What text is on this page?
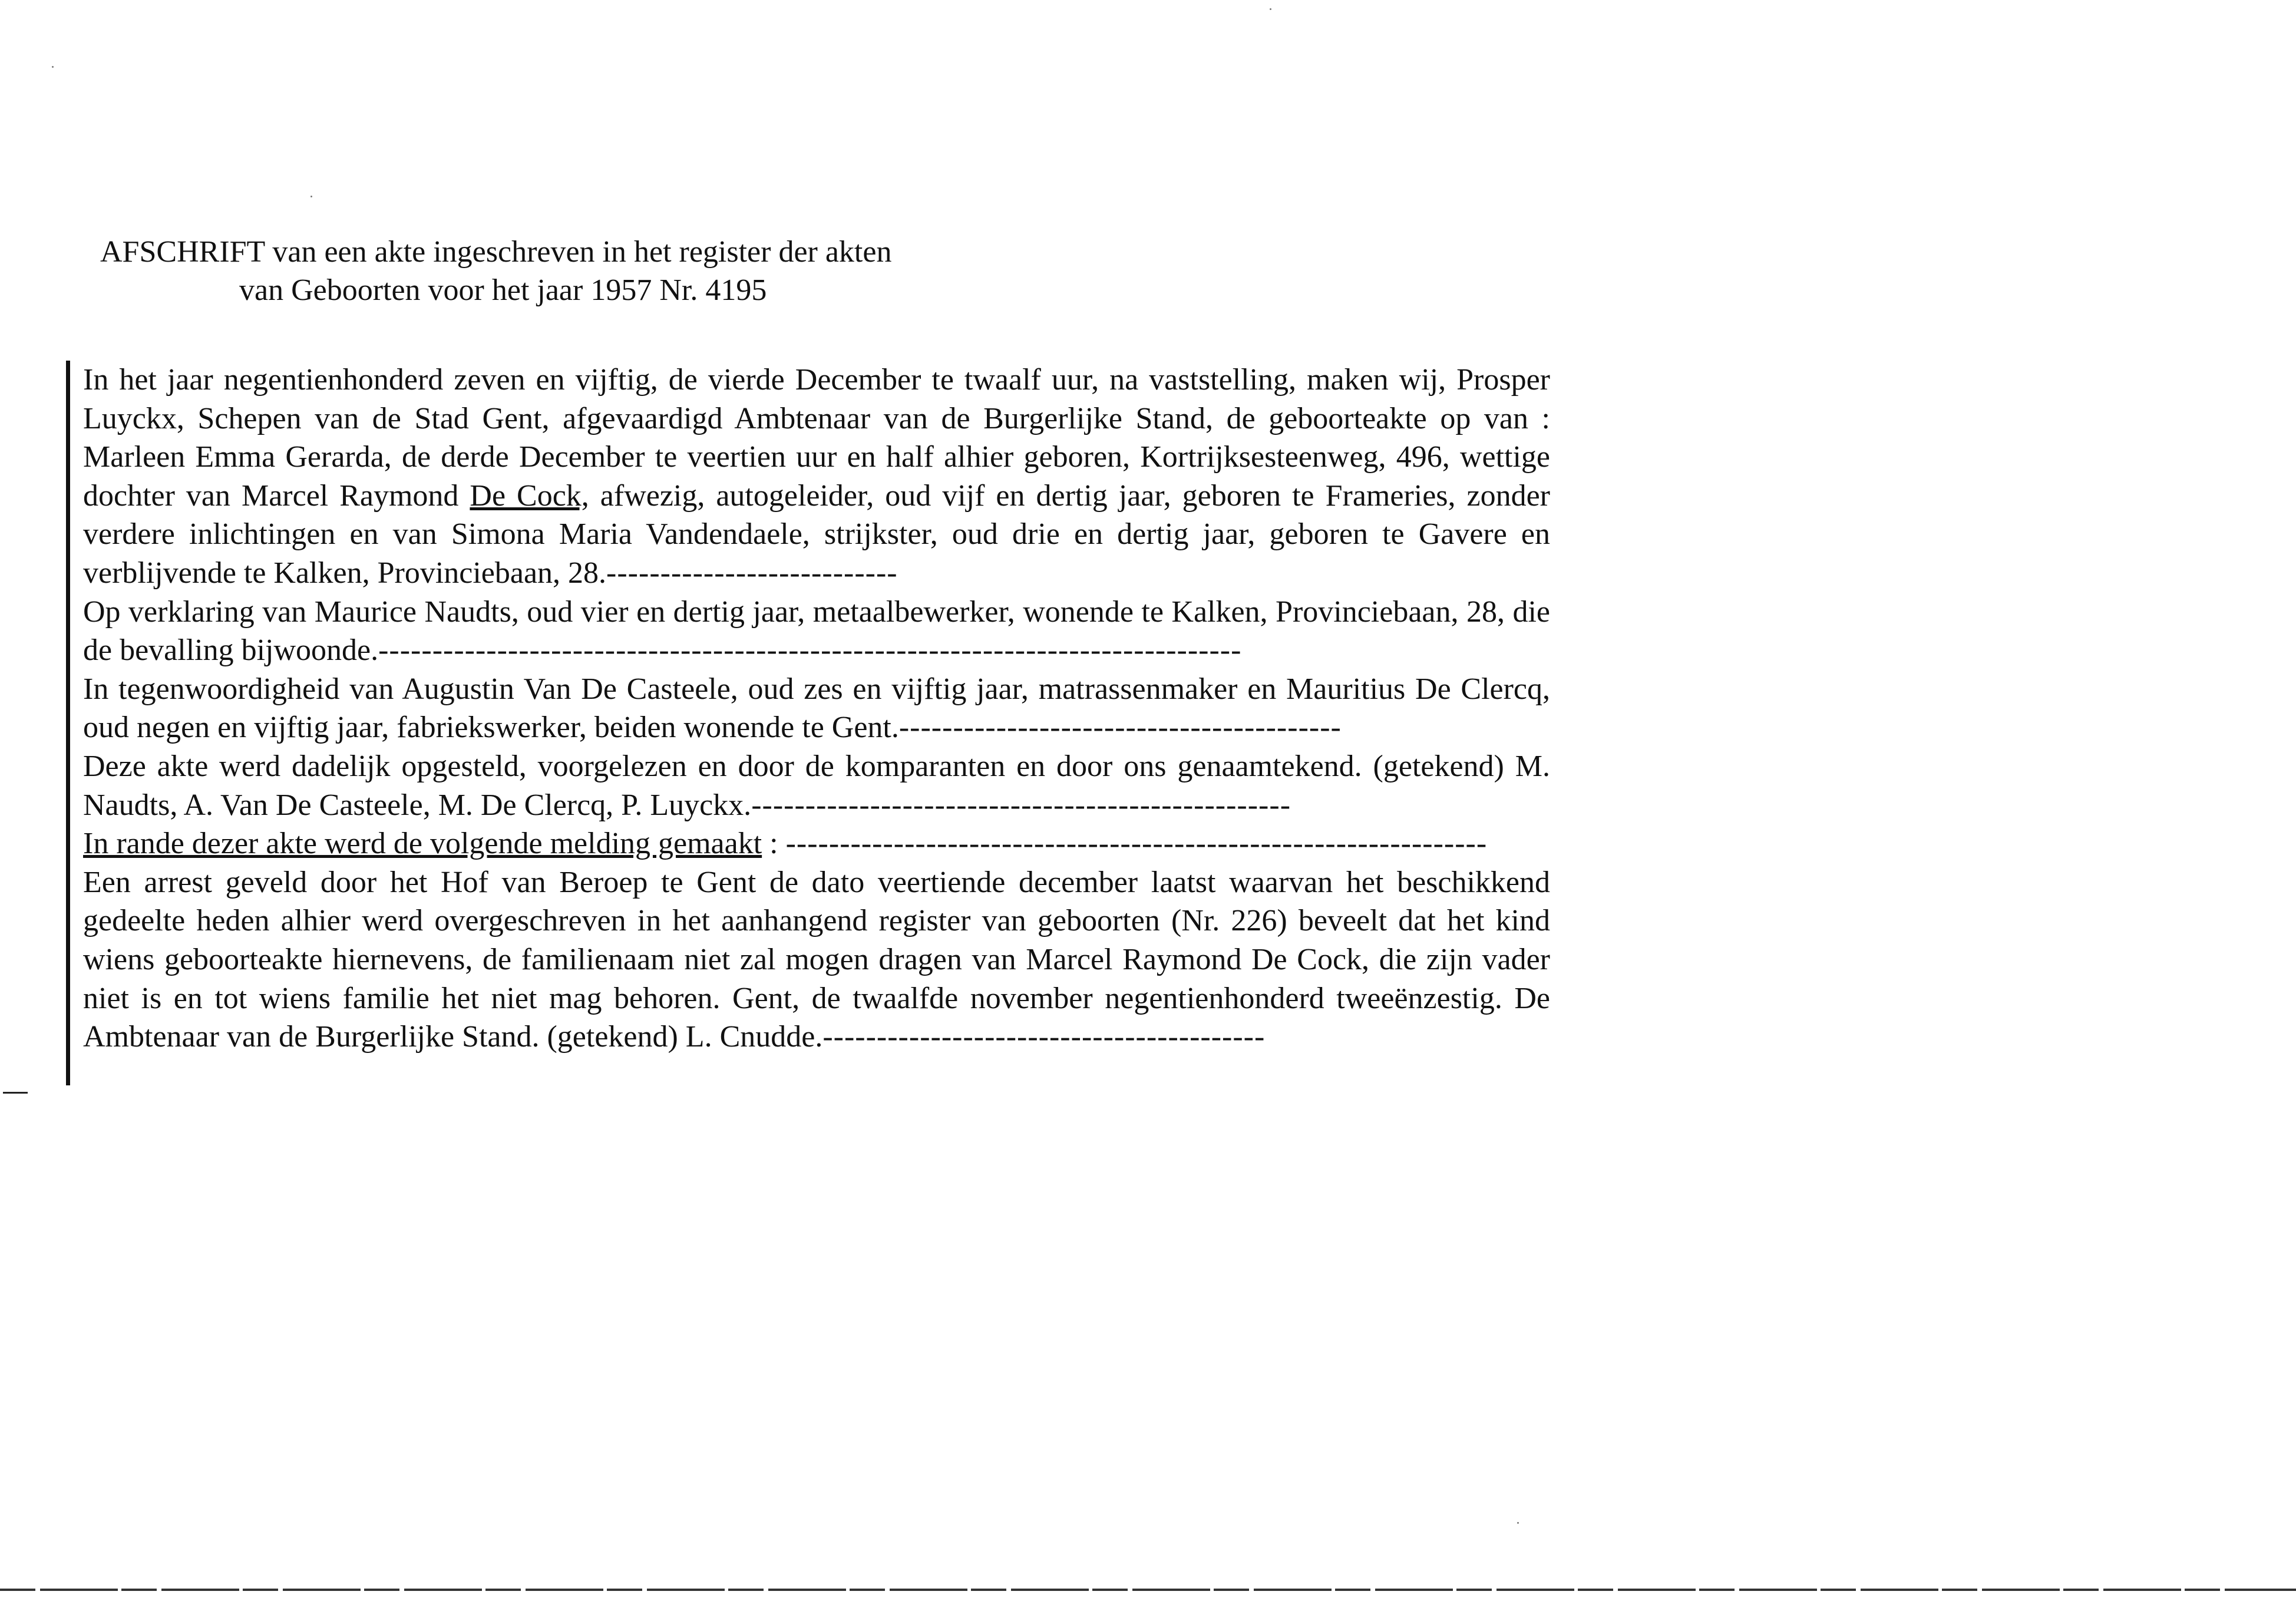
AFSCHRIFT van een akte ingeschreven in het register der akten
van Geboorten voor het jaar 1957 Nr. 4195

In het jaar negentienhonderd zeven en vijftig, de vierde December te twaalf uur, na vaststelling, maken wij, Prosper Luyckx, Schepen van de Stad Gent, afgevaardigd Ambtenaar van de Burgerlijke Stand, de geboorteakte op van : Marleen Emma Gerarda, de derde December te veertien uur en half alhier geboren, Kortrijksesteenweg, 496, wettige dochter van Marcel Raymond De Cock, afwezig, autogeleider, oud vijf en dertig jaar, geboren te Frameries, zonder verdere inlichtingen en van Simona Maria Vandendaele, strijkster, oud drie en dertig jaar, geboren te Gavere en verblijvende te Kalken, Provinciebaan, 28.---------------------------

Op verklaring van Maurice Naudts, oud vier en dertig jaar, metaalbewerker, wonende te Kalken, Provinciebaan, 28, die de bevalling bijwoonde.--------------------------------------------------------------------------------

In tegenwoordigheid van Augustin Van De Casteele, oud zes en vijftig jaar, matrassenmaker en Mauritius De Clercq, oud negen en vijftig jaar, fabriekswerker, beiden wonende te Gent.-----------------------------------------

Deze akte werd dadelijk opgesteld, voorgelezen en door de komparanten en door ons genaamtekend. (getekend) M. Naudts, A. Van De Casteele, M. De Clercq, P. Luyckx.--------------------------------------------------

In rande dezer akte werd de volgende melding gemaakt : -----------------------------------------------------------------

Een arrest geveld door het Hof van Beroep te Gent de dato veertiende december laatst waarvan het beschikkend gedeelte heden alhier werd overgeschreven in het aanhangend register van geboorten (Nr. 226) beveelt dat het kind wiens geboorteakte hiernevens, de familienaam niet zal mogen dragen van Marcel Raymond De Cock, die zijn vader niet is en tot wiens familie het niet mag behoren. Gent, de twaalfde november negentienhonderd tweeënzestig. De Ambtenaar van de Burgerlijke Stand. (getekend) L. Cnudde.-----------------------------------------
